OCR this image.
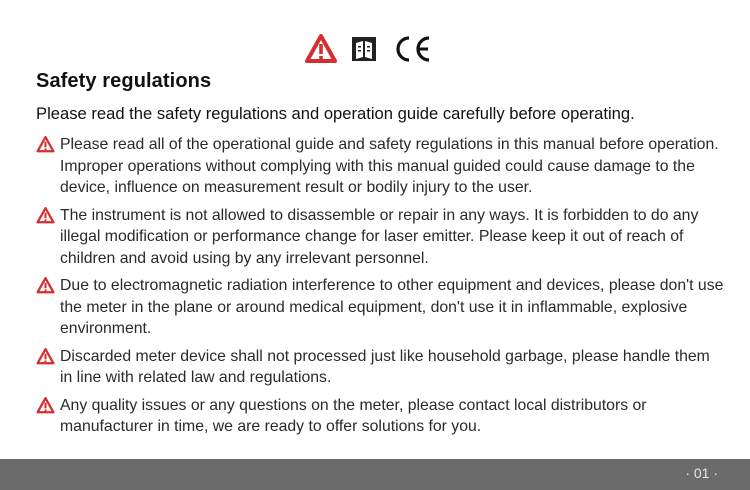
Safety regulations
Please read the safety regulations and operation guide carefully before operating.
Please read all of the operational guide and safety regulations in this manual before operation. Improper operations without complying with this manual guided could cause damage to the device, influence on measurement result or bodily injury to the user.
The instrument is not allowed to disassemble or repair in any ways. It is forbidden to do any illegal modification or performance change for laser emitter. Please keep it out of reach of children and avoid using by any irrelevant personnel.
Due to electromagnetic radiation interference to other equipment and devices, please don't use the meter in the plane or around medical equipment, don't use it in inflammable, explosive environment.
Discarded meter device shall not processed just like household garbage, please handle them in line with related law and regulations.
Any quality issues or any questions on the meter, please contact local distributors or manufacturer in time, we are ready to offer solutions for you.
· 01 ·
